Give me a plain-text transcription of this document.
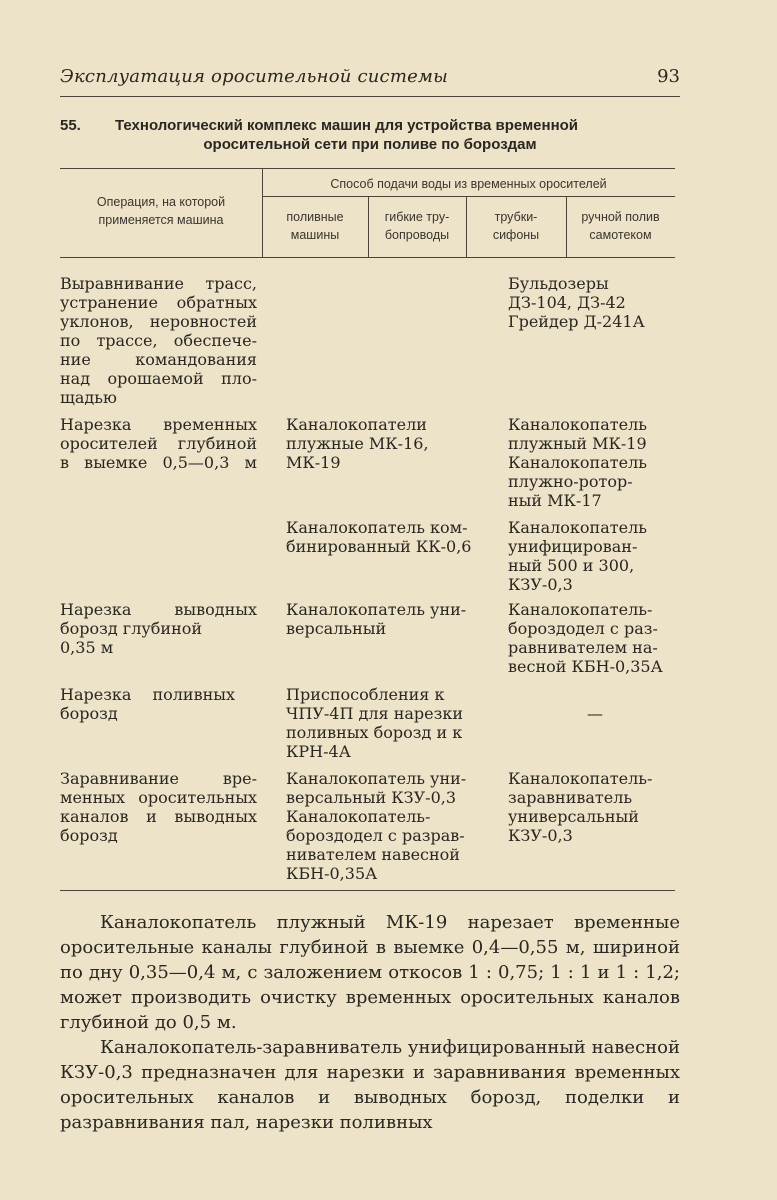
Эксплуатация оросительной системы	93
55. Технологический комплекс машин для устройства временной
оросительной сети при поливе по бороздам
Операция, на которой
применяется машина
Способ подачи воды из временных оросителей
поливные
машины
гибкие тру-
бопроводы
трубки-
сифоны
ручной полив
самотеком
Выравнивание трасс,
устранение обратных
уклонов, неровностей
по трассе, обеспече-
ние командования
над орошаемой пло-
щадью
Бульдозеры
ДЗ-104, ДЗ-42
Грейдер Д-241А
Нарезка временных
оросителей глубиной
в выемке 0,5—0,3 м
Каналокопатели
плужные МК-16,
МК-19
Каналокопатель
плужный МК-19
Каналокопатель
плужно-ротор-
ный МК-17
Каналокопатель ком-
бинированный КК-0,6
Каналокопатель
унифицирован-
ный 500 и 300,
КЗУ-0,3
Нарезка выводных
борозд глубиной
0,35 м
Каналокопатель уни-
версальный
Каналокопатель-
бороздодел с раз-
равнивателем на-
весной КБН-0,35А
Нарезка поливных
борозд
Приспособления к
ЧПУ-4П для нарезки
поливных борозд и к
КРН-4А
—
Заравнивание вре-
менных оросительных
каналов и выводных
борозд
Каналокопатель уни-
версальный КЗУ-0,3
Каналокопатель-
бороздодел с разрав-
нивателем навесной
КБН-0,35А
Каналокопатель-
заравниватель
универсальный
КЗУ-0,3

Каналокопатель плужный МК-19 нарезает временные оросительные каналы глубиной в выемке 0,4—0,55 м, шириной по дну 0,35—0,4 м, с заложением откосов 1 : 0,75; 1 : 1 и 1 : 1,2; может производить очистку временных оросительных каналов глубиной до 0,5 м.

Каналокопатель-заравниватель унифицированный навесной КЗУ-0,3 предназначен для нарезки и заравнивания временных оросительных каналов и выводных борозд, поделки и разравнивания пал, нарезки поливных
